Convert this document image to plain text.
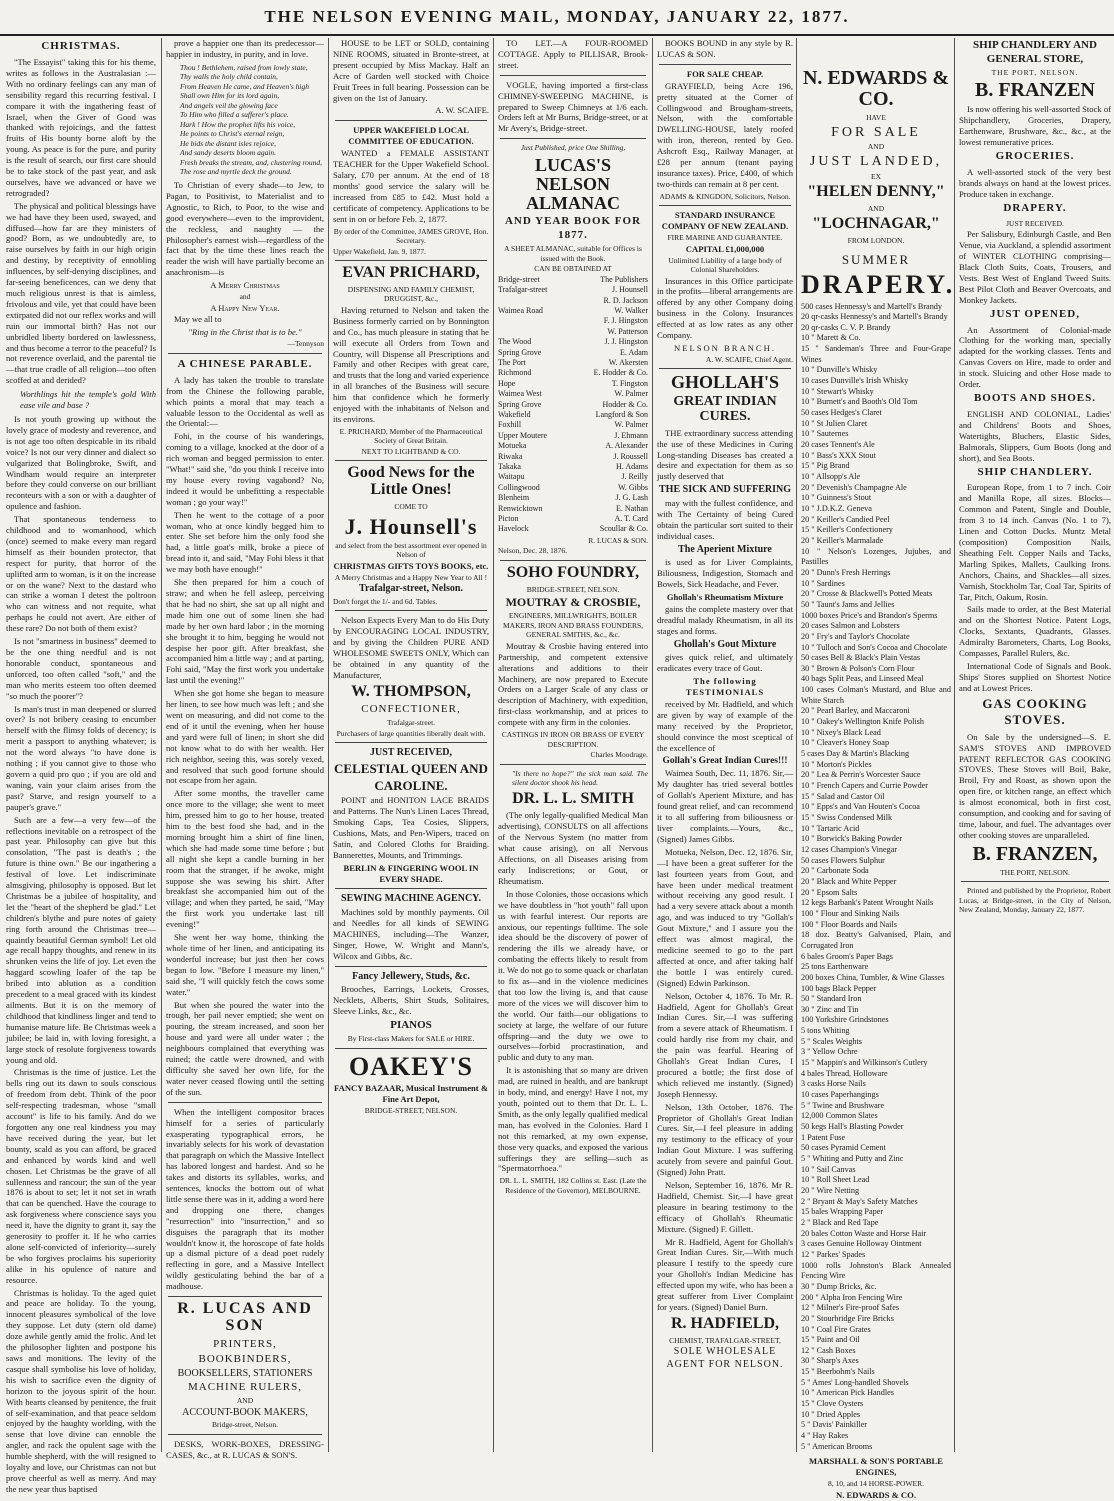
THE NELSON EVENING MAIL, MONDAY, JANUARY 22, 1877.
CHRISTMAS.

"The Essayist" taking this for his theme, writes as follows in the Australasian :—With no ordinary feelings can any man of sensibility regard this recurring festival. I compare it with the ingathering feast of Israel, when the Giver of Good was thanked with rejoicings, and the fattest fruits of His bounty borne aloft by the young. As peace is for the pure, and purity is the result of search, our first care should be to take stock of the past year, and ask ourselves, have we advanced or have we retrograded?

The physical and political blessings have we had have they been used, swayed, and diffused—how far are they ministers of good? Born, as we undoubtedly are, to raise ourselves by faith in our high origin and destiny, by receptivity of ennobling influences, by self-denying disciplines, and far-seeing beneficences, can we deny that much religious unrest is that is aimless, frivolous and vile, yet that could have been extirpated did not our reflex works and will ruin our immortal birth? Has not our unbridled liberty bordered on lawlessness, and thus become a terror to the peaceful? Is not reverence overlaid, and the parental tie—that true cradle of all religion—too often scoffed at and derided?

Worthlings hit the temple's gold With ease vile and base ?

Is not youth growing up without the lovely grace of modesty and reverence, and is not age too often despicable in its ribald voice? Is not our very dinner and dialect so vulgarized that Bolingbroke, Swift, and Windham would require an interpreter before they could converse on our brilliant reconteurs with a son or with a daughter of opulence and fashion.

That spontaneous tenderness to childhood and to womanhood, which (once) seemed to make every man regard himself as their bounden protector, that respect for purity, that horror of the uplifted arm to woman, is it on the increase or on the wane? Next to the dastard who can strike a woman I detest the poltroon who can witness and not requite, what perhaps he could not avert. Are either of these rare? Do not both of them exist?

Is not "smartness in business" deemed to be the one thing needful and is not honorable conduct, spontaneous and unforced, too often called "soft," and the man who merits esteem too often deemed "so much the poorer"?

Is man's trust in man deepened or slurred over? Is not bribery ceasing to encumber herself with the flimsy folds of decency; is merit a passport to anything whatever; is not the word always "to have done is nothing ; if you cannot give to those who govern a quid pro quo ; if you are old and waning, vain your claim arises from the past? Starve, and resign yourself to a pauper's grave."

Such are a few—a very few—of the reflections inevitable on a retrospect of the past year. Philosophy can give but this consolation, "The past is death's ; the future is thine own." Be our ingathering a festival of love. Let indiscriminate almsgiving, philosophy is opposed. But let Christmas be a jubilee of hospitality, and let the "heart of the shepherd be glad." Let children's blythe and pure notes of gaiety ring forth around the Christmas tree—quaintly beautiful German symbol! Let old age recall happy thoughts, and renew in its shrunken veins the life of joy. Let even the haggard scowling loafer of the tap be bribed into ablution as a condition precedent to a meal graced with its kindest ailments. But it is on the memory of childhood that kindliness linger and tend to humanise mature life. Be Christmas week a jubilee; be laid in, with loving foresight, a large stock of resolute forgiveness towards young and old.

Christmas is the time of justice. Let the bells ring out its dawn to souls conscious of freedom from debt. Think of the poor self-respecting tradesman, whose "small account" is life to his family. And do we forgotten any one real kindness you may have received during the year, but let bounty, scald as you can afford, be graced and enhanced by words kind and well chosen. Let Christmas be the grave of all sullenness and rancour; the sun of the year 1876 is about to set; let it not set in wrath that can be quenched. Have the courage to ask forgiveness where conscience says you need it, have the dignity to grant it, say the generosity to proffer it. If he who carries alone self-convicted of inferiority—surely be who forgives proclaims his superiority alike in his opulence of nature and resource.

Christmas is holiday. To the aged quiet and peace are holiday. To the young, innocent pleasures symbolical of the love they suppose. Let duty (stern old dame) doze awhile gently amid the frolic. And let the philosopher lighten and postpone his saws and monitions. The levity of the casque shall symbolise his love of holiday, his wish to sacrifice even the dignity of horizon to the joyous spirit of the hour. With hearts cleansed by penitence, the fruit of self-examination, and that peace seldom enjoyed by the haughty worlding, with the sense that love divine can ennoble the angler, and rack the opulent sage with the humble shepherd, with the will resigned to loyalty and love, our Christmas can not but prove cheerful as well as merry. And may the new year thus baptised

prove a happier one than its predecessor—happier in industry, in purity, and in love.

Thou ! Bethlehem, raised from lowly state,
Thy walls the holy child contain,
From Heaven He came, and Heaven's high
Shall own Him for its lord again,
And angels veil the glowing face
To Him who filled a sufferer's place.
Hark ! How the prophet lifts his voice,
He points to Christ's eternal reign,
He bids the distant isles rejoice,
And sandy deserts bloom again.
Fresh breaks the stream, and, clustering round,
The rose and myrtle deck the ground.

To Christian of every shade—to Jew, to Pagan, to Positivist, to Materialist and to Agnostic, to Rich, to Poor, to the wise and good everywhere—even to the improvident, the reckless, and naughty — the Philosopher's earnest wish—regardless of the fact that by the time these lines reach the reader the wish will have partially become an anachronism—is

A Merry Christmas
and
A Happy New Year.

May we all to

"Ring in the Christ that is to be."
—Tennyson
A CHINESE PARABLE.

A lady has taken the trouble to translate from the Chinese the following parable, which points a moral that may teach a valuable lesson to the Occidental as well as the Oriental:—

Fohi, in the course of his wanderings, coming to a village, knocked at the door of a rich woman and begged permission to enter. "What!" said she, "do you think I receive into my house every roving vagabond? No, indeed it would be unbefitting a respectable woman ; go your way!"

Then he went to the cottage of a poor woman, who at once kindly begged him to enter. She set before him the only food she had, a little goat's milk, broke a piece of bread into it, and said, "May Fohi bless it that we may both have enough!"

She then prepared for him a couch of straw; and when he fell asleep, perceiving that he had no shirt, she sat up all night and made him one out of some linen she had made by her own hard labor ; in the morning she brought it to him, begging he would not despise her poor gift. After breakfast, she accompanied him a little way ; and at parting, Fohi said, "May the first work you undertake last until the evening!"

When she got home she began to measure her linen, to see how much was left ; and she went on measuring, and did not come to the end of it until the evening, when her house and yard were full of linen; in short she did not know what to do with her wealth. Her rich neighbor, seeing this, was sorely vexed, and resolved that such good fortune should not escape from her again.

After some months, the traveller came once more to the village; she went to meet him, pressed him to go to her house, treated him to the best food she had, and in the morning brought him a shirt of fine linen, which she had made some time before ; but all night she kept a candle burning in her room that the stranger, if he awoke, might suppose she was sewing his shirt. After breakfast she accompanied him out of the village; and when they parted, he said, "May the first work you undertake last till evening!"

She went her way home, thinking the whole time of her linen, and anticipating its wonderful increase; but just then her cows began to low. "Before I measure my linen," said she, "I will quickly fetch the cows some water."

But when she poured the water into the trough, her pail never emptied; she went on pouring, the stream increased, and soon her house and yard were all under water ; the neighbours complained that everything was ruined; the cattle were drowned, and with difficulty she saved her own life, for the water never ceased flowing until the setting of the sun.

When the intelligent compositor braces himself for a series of particularly exasperating typographical errors, he invariably selects for his work of devastation that paragraph on which the Massive Intellect has labored longest and hardest. And so he takes and distorts its syllables, works, and sentences, knocks the bottom out of what little sense there was in it, adding a word here and dropping one there, changes "resurrection" into "insurrection," and so disguises the paragraph that its mother wouldn't know it, the horoscope of fate holds up a dismal picture of a dead poet rudely reflecting in gore, and a Massive Intellect wildly gesticulating behind the bar of a madhouse.

R. LUCAS AND SON
PRINTERS,
BOOKBINDERS,
BOOKSELLERS, STATIONERS
MACHINE RULERS,
AND
ACCOUNT-BOOK MAKERS,
Bridge-street, Nelson.

DESKS, WORK-BOXES, DRESSING-CASES, &c., at R. LUCAS & SON'S.

HOUSE to be LET or SOLD, containing NINE ROOMS, situated in Bronte-street, at present occupied by Miss Mackay. Half an Acre of Garden well stocked with Choice Fruit Trees in full bearing. Possession can be given on the 1st of January.

A. W. SCAIFE.
UPPER WAKEFIELD LOCAL COMMITTEE OF EDUCATION.

WANTED a FEMALE ASSISTANT TEACHER for the Upper Wakefield School. Salary, £70 per annum. At the end of 18 months' good service the salary will be increased from £85 to £42. Must hold a certificate of competency. Applications to be sent in on or before Feb. 2, 1877.

By order of the Committee, JAMES GROVE, Hon. Secretary.
Upper Wakefield, Jan. 9, 1877.
EVAN PRICHARD,
DISPENSING AND FAMILY CHEMIST, DRUGGIST, &c.,

Having returned to Nelson and taken the Business formerly carried on by Bonnington and Co., has much pleasure in stating that he will execute all Orders from Town and Country, will Dispense all Prescriptions and Family and other Recipes with great care, and trusts that the long and varied experience in all branches of the Business will secure him that confidence which he formerly enjoyed with the inhabitants of Nelson and its environs.

E. PRICHARD, Member of the Pharmaceutical Society of Great Britain.
NEXT TO LIGHTBAND & CO.
Good News for the Little Ones!
COME TO
J. Hounsell's
and select from the best assortment ever opened in Nelson of
CHRISTMAS GIFTS TOYS BOOKS, etc.
A Merry Christmas and a Happy New Year to All !
Trafalgar-street, Nelson.
Don't forget the 1/- and 6d. Tables.

Nelson Expects Every Man to do His Duty by ENCOURAGING LOCAL INDUSTRY, and by giving the Children PURE AND WHOLESOME SWEETS ONLY, Which can be obtained in any quantity of the Manufacturer,

W. THOMPSON,
CONFECTIONER,
Trafalgar-street.
Purchasers of large quantities liberally dealt with.
JUST RECEIVED,
CELESTIAL QUEEN AND CAROLINE.

POINT and HONITON LACE BRAIDS and Patterns. The Nun's Linen Laces Thread, Smoking Caps, Tea Cosies, Slippers, Cushions, Mats, and Pen-Wipers, traced on Satin, and Colored Cloths for Braiding. Bannerettes, Mounts, and Trimmings.

BERLIN & FINGERING WOOL IN EVERY SHADE.
SEWING MACHINE AGENCY.

Machines sold by monthly payments. Oil and Needles for all kinds of SEWING MACHINES, including—The Wanzer, Singer, Howe, W. Wright and Mann's, Wilcox and Gibbs, &c.

Fancy Jellewery, Studs, &c.

Brooches, Earrings, Lockets, Crosses, Necklets, Alberts, Shirt Studs, Solitaires, Sleeve Links, &c., &c.

PIANOS
By First-class Makers for SALE or HIRE.
OAKEY'S
FANCY BAZAAR, Musical Instrument & Fine Art Depot,
BRIDGE-STREET, NELSON.

TO LET.—A FOUR-ROOMED COTTAGE. Apply to PILLISAR, Brook-street.

VOGLE, having imported a first-class CHIMNEY-SWEEPING MACHINE, is prepared to Sweep Chimneys at 1/6 each. Orders left at Mr Burns, Bridge-street, or at Mr Avery's, Bridge-street.

Just Published, price One Shilling,
LUCAS'S NELSON ALMANAC
AND YEAR BOOK FOR 1877.
A SHEET ALMANAC, suitable for Offices is issued with the Book.
CAN BE OBTAINED AT
Bridge-street	The Publishers
Trafalgar-street	J. Hounsell
R. D. Jackson
Waimea Road	W. Walker
F. J. Hingston
W. Patterson
The Wood	J. J. Hingston
Spring Grove	E. Adam
The Port	W. Akersten
Richmond	E. Hodder & Co.
Hope	T. Fingston
Waimea West	W. Palmer
Spring Grove	Hodder & Co.
Wakefield	Langford & Son
Foxhill	W. Palmer
Upper Moutere	J. Ehmann
Motueka	A. Alexander
Riwaka	J. Roussell
Takaka	H. Adams
Waitapu	J. Reilly
Collingwood	W. Gibbs
Blenheim	J. G. Lash
Renwicktown	E. Nathan
Picton	A. T. Card
Havelock	Scoullar & Co.
R. LUCAS & SON.
Nelson, Dec. 28, 1876.
SOHO FOUNDRY,
BRIDGE-STREET, NELSON.
MOUTRAY & CROSBIE,
ENGINEERS, MILLWRIGHTS, BOILER MAKERS, IRON AND BRASS FOUNDERS, GENERAL SMITHS, &c., &c.

Moutray & Crosbie having entered into Partnership, and competent extensive alterations and additions to their Machinery, are now prepared to Execute Orders on a Larger Scale of any class or description of Machinery, with expedition, first-class workmanship, and at prices to compete with any firm in the colonies.

CASTINGS IN IRON OR BRASS OF EVERY DESCRIPTION.
Charles Moodrage.
"Is there no hope?" the sick man said. The silent doctor shook his head.
DR. L. L. SMITH

(The only legally-qualified Medical Man advertising), CONSULTS on all affections of the Nervous System (no matter from what cause arising), on all Nervous Affections, on all Diseases arising from early Indiscretions; or Gout, or Rheumatism.

In those Colonies, those occasions which we have doubtless in "hot youth" fall upon us with fearful interest. Our reports are anxious, our repentings fulltime. The sole idea should be the discovery of power of rendering the ills we already have, or combating the effects likely to result from it. We do not go to some quack or charlatan to fix as—and in the violence medicines that too low the living is, and that cause more of the vices we will discover him to the world. Our faith—our obligations to society at large, the welfare of our future offspring—and the duty we owe to ourselves—forbid procrastination, and public and duty to any man.

It is astonishing that so many are driven mad, are ruined in health, and are bankrupt in body, mind, and energy! Have I not, my youth, pointed out to them that Dr. L. L. Smith, as the only legally qualified medical man, has evolved in the Colonies. Hard I not this remarked, at my own expense, those very quacks, and exposed the various sufferings they are selling—such as "Spermatorrhoea."

DR. L. L. SMITH, 182 Collins st. East. (Late the Residence of the Governor), MELBOURNE.

BOOKS BOUND in any style by R. LUCAS & SON.

FOR SALE CHEAP.

GRAYFIELD, being Acre 196, pretty situated at the Corner of Collingwood and Brougham-streets, Nelson, with the comfortable DWELLING-HOUSE, lately roofed with iron, thereon, rented by Geo. Ashcroft Esq., Railway Manager, at £28 per annum (tenant paying insurance taxes). Price, £400, of which two-thirds can remain at 8 per cent.

ADAMS & KINGDON, Solicitors, Nelson.
STANDARD INSURANCE COMPANY OF NEW ZEALAND.
FIRE MARINE AND GUARANTEE.
CAPITAL £1,000,000
Unlimited Liability of a large body of Colonial Shareholders.

Insurances in this Office participate in the profits—liberal arrangements are offered by any other Company doing business in the Colony. Insurances effected at as low rates as any other Company.

NELSON BRANCH.
A. W. SCAIFE, Chief Agent.
GHOLLAH'S
GREAT INDIAN CURES.

THE extraordinary success attending the use of these Medicines in Curing Long-standing Diseases has created a desire and expectation for them as so justly deserved that

THE SICK AND SUFFERING

may with the fullest confidence, and with The Certainty of being Cured obtain the particular sort suited to their individual cases.

The Aperient Mixture

is used as for Liver Complaints, Biliousness, Indigestion, Stomach and Bowels, Sick Headache, and Fever.

Ghollah's Rheumatism Mixture

gains the complete mastery over that dreadful malady Rheumatism, in all its stages and forms.

Ghollah's Gout Mixture

gives quick relief, and ultimately eradicates every trace of Gout.

The following TESTIMONIALS

received by Mr. Hadfield, and which are given by way of example of the many received by the Proprietor, should convince the most sceptical of the excellence of

Gollah's Great Indian Cures!!!

Waimea South, Dec. 11, 1876. Sir,—My daughter has tried several bottles of Gollah's Aperient Mixture, and has found great relief, and can recommend it to all suffering from biliousness or liver complaints.—Yours, &c., (Signed) James Gibbs.

Motueka, Nelson, Dec. 12, 1876. Sir,—I have been a great sufferer for the last fourteen years from Gout, and have been under medical treatment without receiving any good result. I had a very severe attack about a month ago, and was induced to try "Gollah's Gout Mixture," and I assure you the effect was almost magical, the medicine seemed to go to the part affected at once, and after taking half the bottle I was entirely cured. (Signed) Edwin Parkinson.

Nelson, October 4, 1876. To Mr. R. Hadfield, Agent for Ghollah's Great Indian Cures. Sir,—I was suffering from a severe attack of Rheumatism. I could hardly rise from my chair, and the pain was fearful. Hearing of Ghollah's Great Indian Cures, I procured a bottle; the first dose of which relieved me instantly. (Signed) Joseph Hennessy.

Nelson, 13th October, 1876. The Proprietor of Ghollah's Great Indian Cures. Sir,—I feel pleasure in adding my testimony to the efficacy of your Indian Gout Mixture. I was suffering acutely from severe and painful Gout. (Signed) John Pratt.

Nelson, September 16, 1876. Mr R. Hadfield, Chemist. Sir,—I have great pleasure in bearing testimony to the efficacy of Ghollah's Rheumatic Mixture. (Signed) F. Gillett.

Mr R. Hadfield, Agent for Ghollah's Great Indian Cures. Sir,—With much pleasure I testify to the speedy cure your Gholloh's Indian Medicine has effected upon my wife, who has been a great sufferer from Liver Complaint for years. (Signed) Daniel Burn.

R. HADFIELD,
CHEMIST, TRAFALGAR-STREET,
SOLE WHOLESALE AGENT FOR NELSON.
N. EDWARDS & CO.
HAVE
FOR SALE
AND
JUST LANDED,
EX
"HELEN DENNY,"
AND
"LOCHNAGAR,"
FROM LONDON.
SUMMER
DRAPERY.
500 cases Hennessy's and Martell's Brandy
20 qr-casks Hennessy's and Martell's Brandy
20 qr-casks C. V. P. Brandy
10 " Marett & Co.
15 " Sandeman's Three and Four-Grape Wines
10 " Dunville's Whisky
10 cases Dunville's Irish Whisky
10 " Stewart's Whisky
10 " Burnett's and Booth's Old Tom
50 cases Hedges's Claret
10 " St Julien Claret
10 " Sauternes
20 cases Tennent's Ale
10 " Bass's XXX Stout
15 " Pig Brand
10 " Allsopp's Ale
20 " Devenish's Champagne Ale
10 " Guinness's Stout
10 " J.D.K.Z. Geneva
20 " Keiller's Candied Peel
15 " Keiller's Confectionery
20 " Keiller's Marmalade
10 " Nelson's Lozenges, Jujubes, and Pastilles
20 " Dunn's Fresh Herrings
10 " Sardines
20 " Crosse & Blackwell's Potted Meats
50 " Taunt's Jams and Jellies
1000 boxes Price's and Brandon's Sperms
20 cases Salmon and Lobsters
20 " Fry's and Taylor's Chocolate
10 " Tulloch and Son's Cocoa and Chocolate
50 cases Bell & Black's Plain Vestas
30 " Brown & Polson's Corn Flour
40 bags Split Peas, and Linseed Meal
100 cases Colman's Mustard, and Blue and White Starch
20 " Pearl Barley, and Maccaroni
10 " Oakey's Wellington Knife Polish
10 " Nixey's Black Lead
10 " Cleaver's Honey Soap
5 cases Day & Martin's Blacking
10 " Morton's Pickles
20 " Lea & Perrin's Worcester Sauce
10 " French Capers and Currie Powder
15 " Salad and Castor Oil
10 " Epps's and Van Houten's Cocoa
15 " Swiss Condensed Milk
10 " Tartaric Acid
10 " Borwick's Baking Powder
12 cases Champion's Vinegar
50 cases Flowers Sulphur
20 " Carbonate Soda
20 " Black and White Pepper
20 " Epsom Salts
12 kegs Barbank's Patent Wrought Nails
100 " Flour and Sinking Nails
100 " Floor Boards and Nails
18 doz. Beatty's Galvanised, Plain, and Corrugated Iron
6 bales Groom's Paper Bags
25 tons Earthenware
200 boxes China, Tumbler, & Wine Glasses
100 bags Black Pepper
50 " Standard Iron
30 " Zinc and Tin
100 Yorkshire Grindstones
5 tons Whiting
5 " Scales Weights
3 " Yellow Ochre
15 " Mappin's and Wilkinson's Cutlery
4 bales Thread, Holloware
3 casks Horse Nails
10 cases Paperhangings
5 " Twine and Brushware
12,000 Common Slates
50 kegs Hall's Blasting Powder
1 Patent Fuse
50 cases Pyramid Cement
5 " Whiting and Putty and Zinc
10 " Sail Canvas
10 " Roll Sheet Lead
20 " Wire Netting
2 " Bryant & May's Safety Matches
15 bales Wrapping Paper
2 " Black and Red Tape
20 bales Cotton Waste and Horse Hair
3 cases Genuine Holloway Ointment
12 " Parkes' Spades
1000 rolls Johnston's Black Annealed Fencing Wire
30 " Dump Bricks, &c.
200 " Alpha Iron Fencing Wire
12 " Milner's Fire-proof Safes
20 " Stourbridge Fire Bricks
10 " Coal Fire Grates
15 " Paint and Oil
12 " Cash Boxes
30 " Sharp's Axes
15 " Beerbohm's Nails
5 " Ames' Long-handled Shovels
10 " American Pick Handles
15 " Clove Oysters
10 " Dried Apples
5 " Davis' Painkiller
4 " Hay Rakes
5 " American Brooms
MARSHALL & SON'S PORTABLE ENGINES,
8, 10, and 14 HORSE-POWER.
N. EDWARDS & CO.
SHIP CHANDLERY AND GENERAL STORE,
THE PORT, NELSON.
B. FRANZEN

Is now offering his well-assorted Stock of Shipchandlery, Groceries, Drapery, Earthenware, Brushware, &c., &c., at the lowest remunerative prices.

GROCERIES.

A well-assorted stock of the very best brands always on hand at the lowest prices. Produce taken in exchange.

DRAPERY.
JUST RECEIVED.

Per Salisbury, Edinburgh Castle, and Ben Venue, via Auckland, a splendid assortment of WINTER CLOTHING comprising—Black Cloth Suits, Coats, Trousers, and Vests. Best West of England Tweed Suits. Best Pilot Cloth and Beaver Overcoats, and Monkey Jackets.

JUST OPENED,

An Assortment of Colonial-made Clothing for the working man, specially adapted for the working classes. Tents and Canvas Covers on Hire, made to order and in stock. Sluicing and other Hose made to Order.

BOOTS AND SHOES.

ENGLISH AND COLONIAL, Ladies' and Childrens' Boots and Shoes, Watertights, Bluchers, Elastic Sides, Balmorals, Slippers, Gum Boots (long and short), and Sea Boots.

SHIP CHANDLERY.

European Rope, from 1 to 7 inch. Coir and Manilla Rope, all sizes. Blocks—Common and Patent, Single and Double, from 3 to 14 inch. Canvas (No. 1 to 7), Linen and Cotton Ducks. Muntz Metal (composition) Composition Nails, Sheathing Felt. Copper Nails and Tacks, Marling Spikes, Mallets, Caulking Irons. Anchors, Chains, and Shackles—all sizes. Varnish, Stockholm Tar, Coal Tar, Spirits of Tar, Pitch, Oakum, Rosin.

Sails made to order, at the Best Material and on the Shortest Notice. Patent Logs, Clocks, Sextants, Quadrants, Glasses. Admiralty Barometers, Charts, Log Books, Compasses, Parallel Rulers, &c.

International Code of Signals and Book. Ships' Stores supplied on Shortest Notice and at Lowest Prices.

GAS COOKING STOVES.

On Sale by the undersigned—S. E. SAM'S STOVES AND IMPROVED PATENT REFLECTOR GAS COOKING STOVES. These Stoves will Boil, Bake, Broil, Fry and Roast, as shown upon the open fire, or kitchen range, an effect which is almost economical, both in first cost, consumption, and cooking and for saving of time, labour, and fuel. The advantages over other cooking stoves are unparalleled.

B. FRANZEN,
THE PORT, NELSON.

Printed and published by the Proprietor, Robert Lucas, at Bridge-street, in the City of Nelson, New Zealand, Monday, January 22, 1877.
